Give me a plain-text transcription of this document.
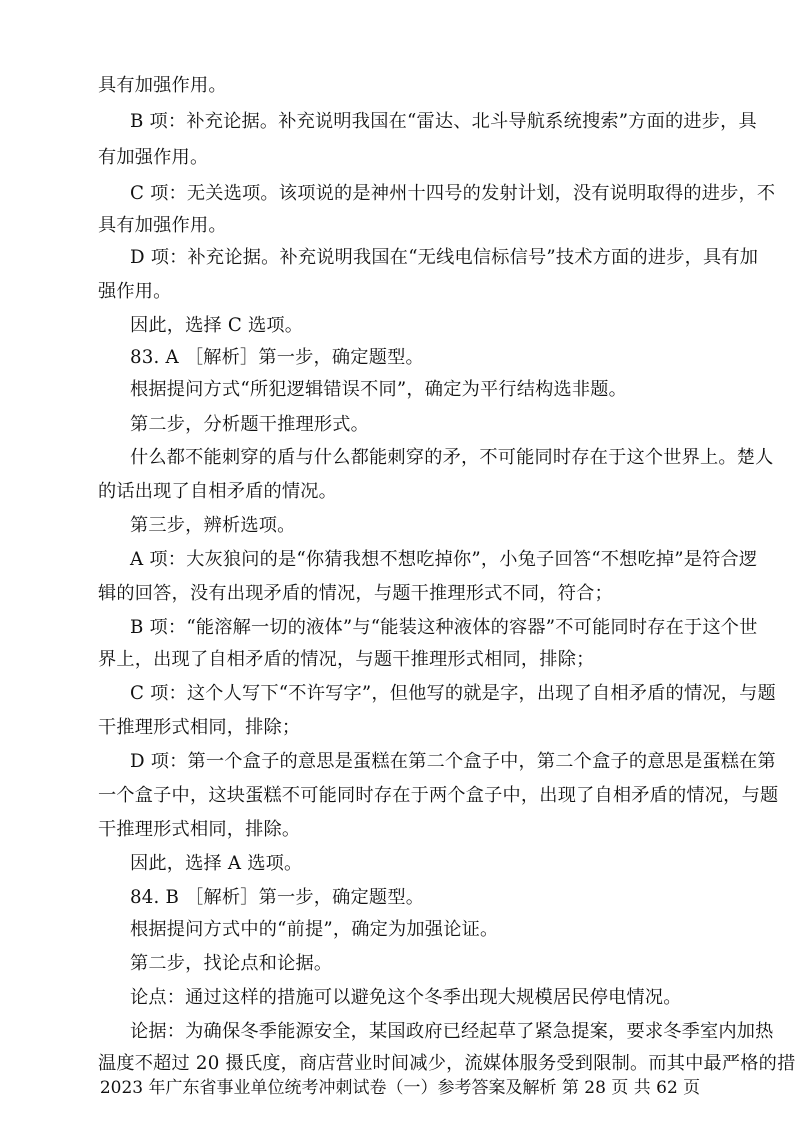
具有加强作用。
B 项：补充论据。补充说明我国在“雷达、北斗导航系统搜索”方面的进步，具
有加强作用。
C 项：无关选项。该项说的是神州十四号的发射计划，没有说明取得的进步，不
具有加强作用。
D 项：补充论据。补充说明我国在“无线电信标信号”技术方面的进步，具有加
强作用。
因此，选择 C 选项。
83. A ［解析］第一步，确定题型。
根据提问方式“所犯逻辑错误不同”，确定为平行结构选非题。
第二步，分析题干推理形式。
什么都不能刺穿的盾与什么都能刺穿的矛，不可能同时存在于这个世界上。楚人
的话出现了自相矛盾的情况。
第三步，辨析选项。
A 项：大灰狼问的是“你猜我想不想吃掉你”，小兔子回答“不想吃掉”是符合逻
辑的回答，没有出现矛盾的情况，与题干推理形式不同，符合；
B 项：“能溶解一切的液体”与“能装这种液体的容器”不可能同时存在于这个世
界上，出现了自相矛盾的情况，与题干推理形式相同，排除；
C 项：这个人写下“不许写字”，但他写的就是字，出现了自相矛盾的情况，与题
干推理形式相同，排除；
D 项：第一个盒子的意思是蛋糕在第二个盒子中，第二个盒子的意思是蛋糕在第
一个盒子中，这块蛋糕不可能同时存在于两个盒子中，出现了自相矛盾的情况，与题
干推理形式相同，排除。
因此，选择 A 选项。
84. B ［解析］第一步，确定题型。
根据提问方式中的“前提”，确定为加强论证。
第二步，找论点和论据。
论点：通过这样的措施可以避免这个冬季出现大规模居民停电情况。
论据：为确保冬季能源安全，某国政府已经起草了紧急提案，要求冬季室内加热
温度不超过 20 摄氏度，商店营业时间减少，流媒体服务受到限制。而其中最严格的措
2023 年广东省事业单位统考冲刺试卷（一）参考答案及解析 第 28 页 共 62 页
